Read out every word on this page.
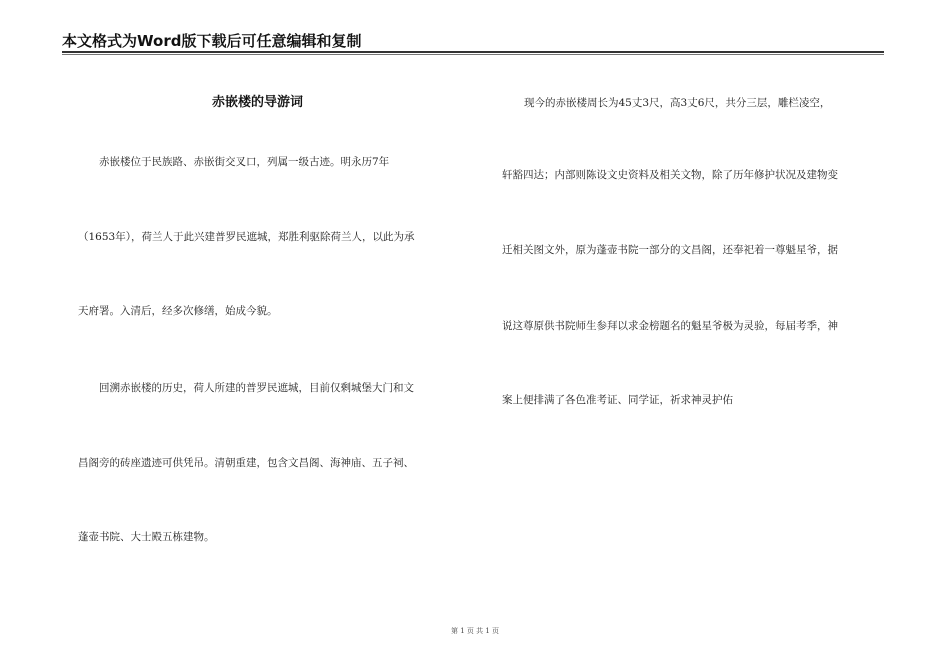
本文格式为Word版下载后可任意编辑和复制
赤嵌楼的导游词
赤嵌楼位于民族路、赤嵌街交叉口，列属一级古迹。明永历7年
（1653年），荷兰人于此兴建普罗民遮城，郑胜利驱除荷兰人，以此为承
天府署。入清后，经多次修缮，始成今貌。
回溯赤嵌楼的历史，荷人所建的普罗民遮城，目前仅剩城堡大门和文
昌阁旁的砖座遗迹可供凭吊。清朝重建，包含文昌阁、海神庙、五子祠、
蓬壶书院、大士殿五栋建物。
现今的赤嵌楼周长为45丈3尺，高3丈6尺，共分三层，雕栏凌空，
轩豁四达；内部则陈设文史资料及相关文物，除了历年修护状况及建物变
迁相关图文外，原为蓬壶书院一部分的文昌阁，还奉祀着一尊魁星爷，据
说这尊原供书院师生参拜以求金榜题名的魁星爷极为灵验，每届考季，神
案上便排满了各色准考证、同学证，祈求神灵护佑
第 1 页 共 1 页
